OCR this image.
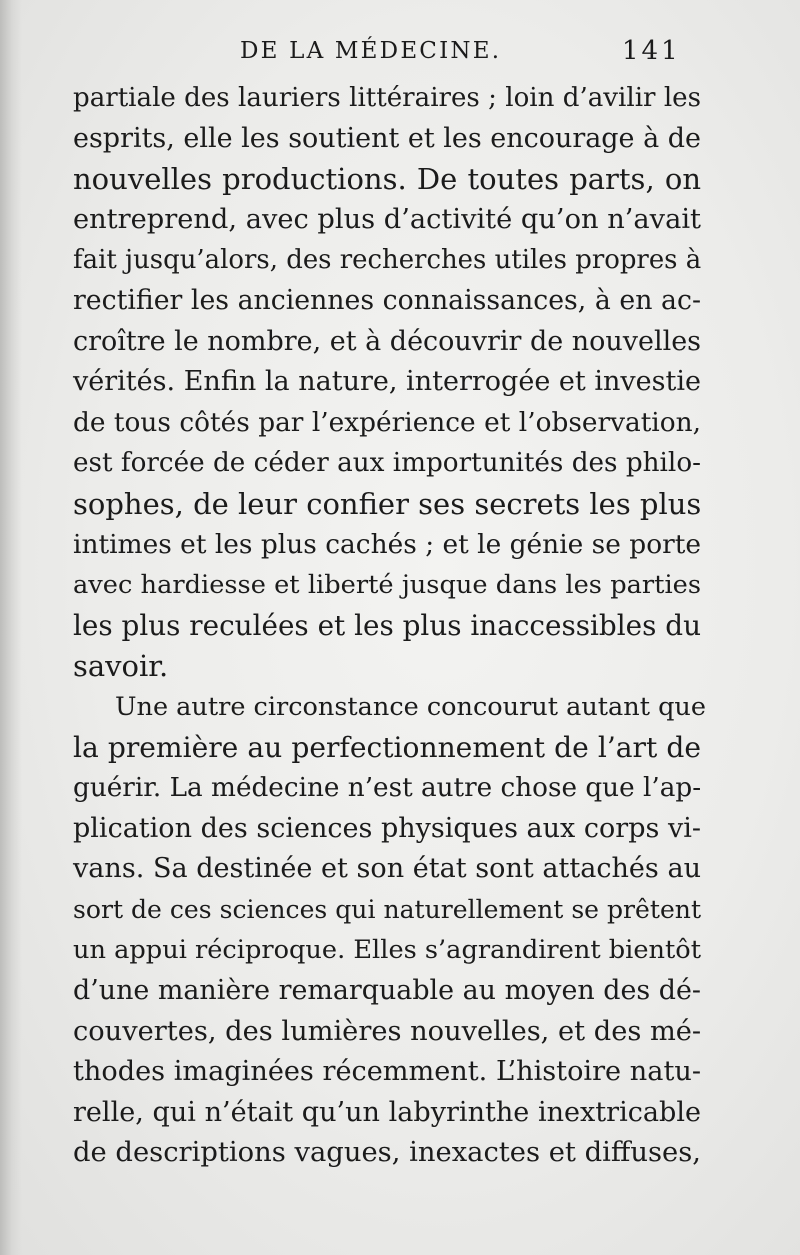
DE LA MÉDECINE.	141
partiale des lauriers littéraires ; loin d’avilir les
esprits, elle les soutient et les encourage à de
nouvelles productions. De toutes parts, on
entreprend, avec plus d’activité qu’on n’avait
fait jusqu’alors, des recherches utiles propres à
rectifier les anciennes connaissances, à en ac-
croître le nombre, et à découvrir de nouvelles
vérités. Enfin la nature, interrogée et investie
de tous côtés par l’expérience et l’observation,
est forcée de céder aux importunités des philo-
sophes, de leur confier ses secrets les plus
intimes et les plus cachés ; et le génie se porte
avec hardiesse et liberté jusque dans les parties
les plus reculées et les plus inaccessibles du
savoir.
Une autre circonstance concourut autant que
la première au perfectionnement de l’art de
guérir. La médecine n’est autre chose que l’ap-
plication des sciences physiques aux corps vi-
vans. Sa destinée et son état sont attachés au
sort de ces sciences qui naturellement se prêtent
un appui réciproque. Elles s’agrandirent bientôt
d’une manière remarquable au moyen des dé-
couvertes, des lumières nouvelles, et des mé-
thodes imaginées récemment. L’histoire natu-
relle, qui n’était qu’un labyrinthe inextricable
de descriptions vagues, inexactes et diffuses,
